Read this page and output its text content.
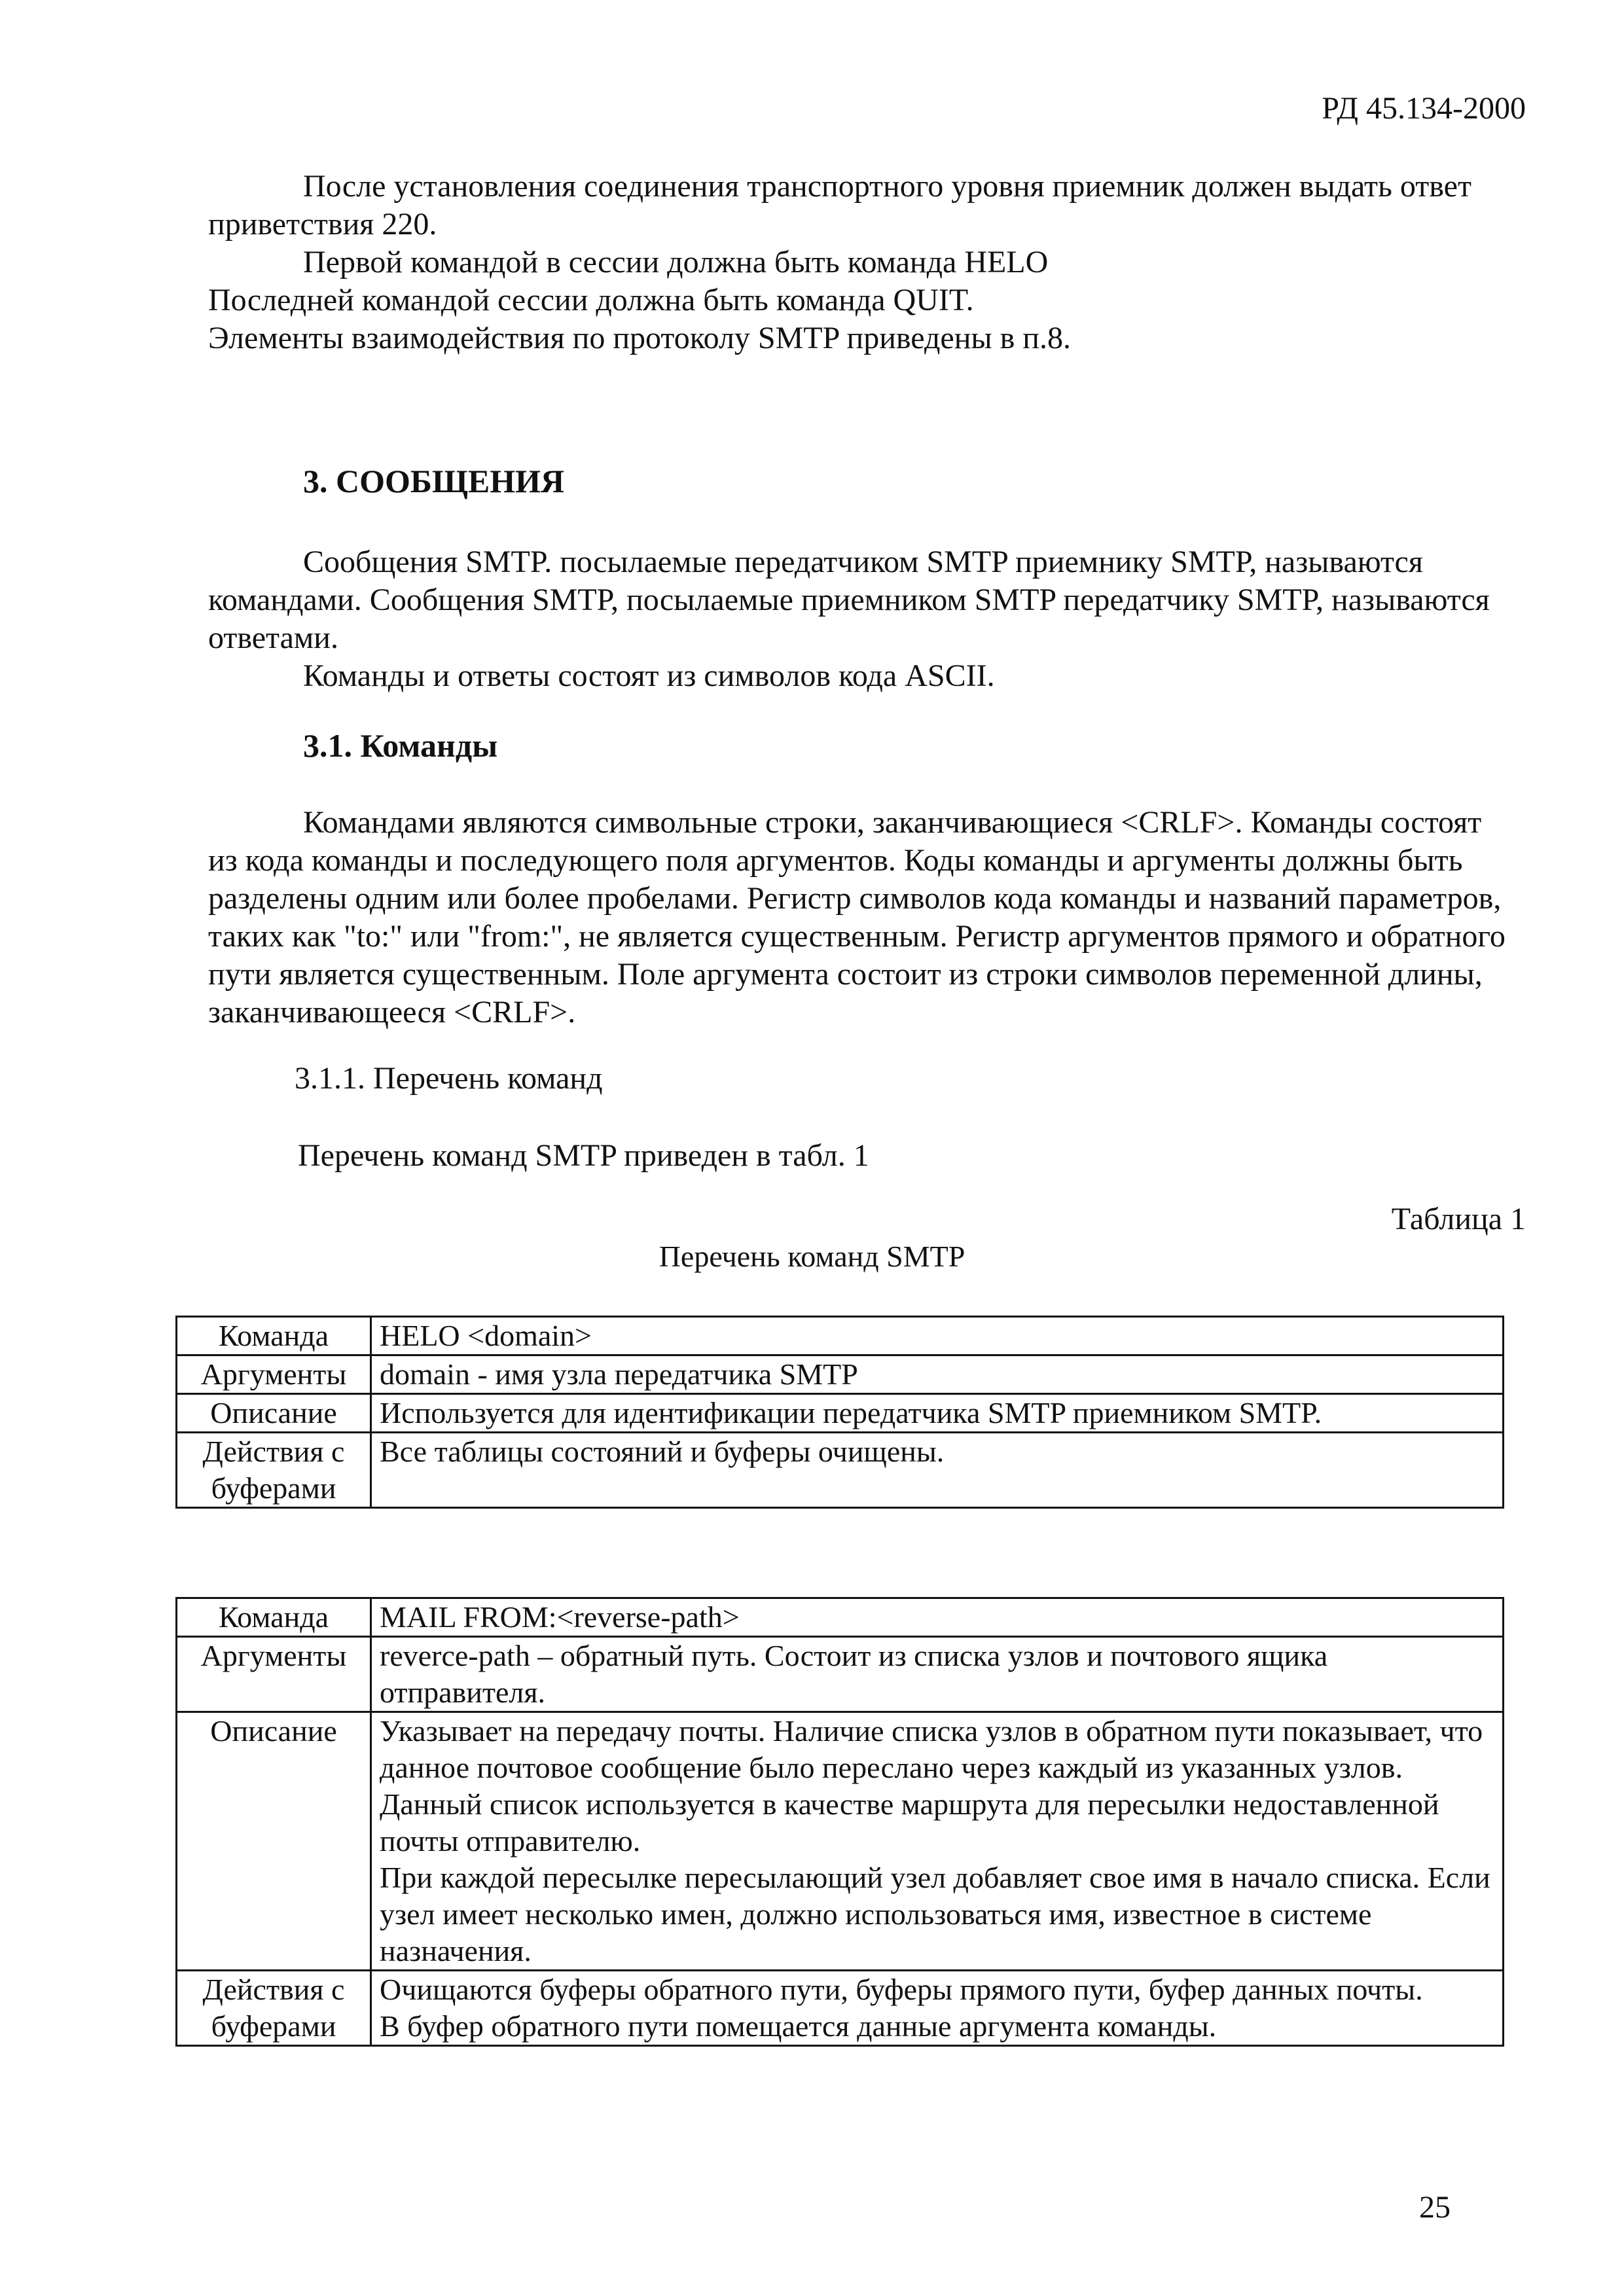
РД 45.134-2000

После установления соединения транспортного уровня приемник должен выдать ответ приветствия 220.

Первой командой в сессии должна быть команда HELO

Последней командой сессии должна быть команда QUIT.

Элементы взаимодействия по протоколу SMTP приведены в п.8.

3. СООБЩЕНИЯ

Сообщения SMTP. посылаемые передатчиком SMTP приемнику SMTP, называются командами. Сообщения SMTP, посылаемые приемником SMTP передатчику SMTP, называются ответами.

Команды и ответы состоят из символов кода ASCII.

3.1. Команды

Командами являются символьные строки, заканчивающиеся <CRLF>. Команды состоят из кода команды и последующего поля аргументов. Коды команды и аргументы должны быть разделены одним или более пробелами. Регистр символов кода команды и названий параметров, таких как "to:" или "from:", не является существенным. Регистр аргументов прямого и обратного пути является существенным. Поле аргумента состоит из строки символов переменной длины, заканчивающееся <CRLF>.

3.1.1. Перечень команд
Перечень команд SMTP приведен в табл. 1
Таблица 1
Перечень команд SMTP
Команда	HELO <domain>
Аргументы	domain - имя узла передатчика SMTP
Описание	Используется для идентификации передатчика SMTP приемником SMTP.
Действия с буферами	Все таблицы состояний и буферы очищены.
Команда	MAIL FROM:<reverse-path>
Аргументы	reverce-path – обратный путь. Состоит из списка узлов и почтового ящика отправителя.
Описание	Указывает на передачу почты. Наличие списка узлов в обратном пути показывает, что данное почтовое сообщение было переслано через каждый из указанных узлов. Данный список используется в качестве маршрута для пересылки недоставленной почты отправителю.
При каждой пересылке пересылающий узел добавляет свое имя в начало списка. Если узел имеет несколько имен, должно использоваться имя, известное в системе назначения.

Действия с буферами	Очищаются буферы обратного пути, буферы прямого пути, буфер данных почты.
В буфер обратного пути помещается данные аргумента команды.
25
